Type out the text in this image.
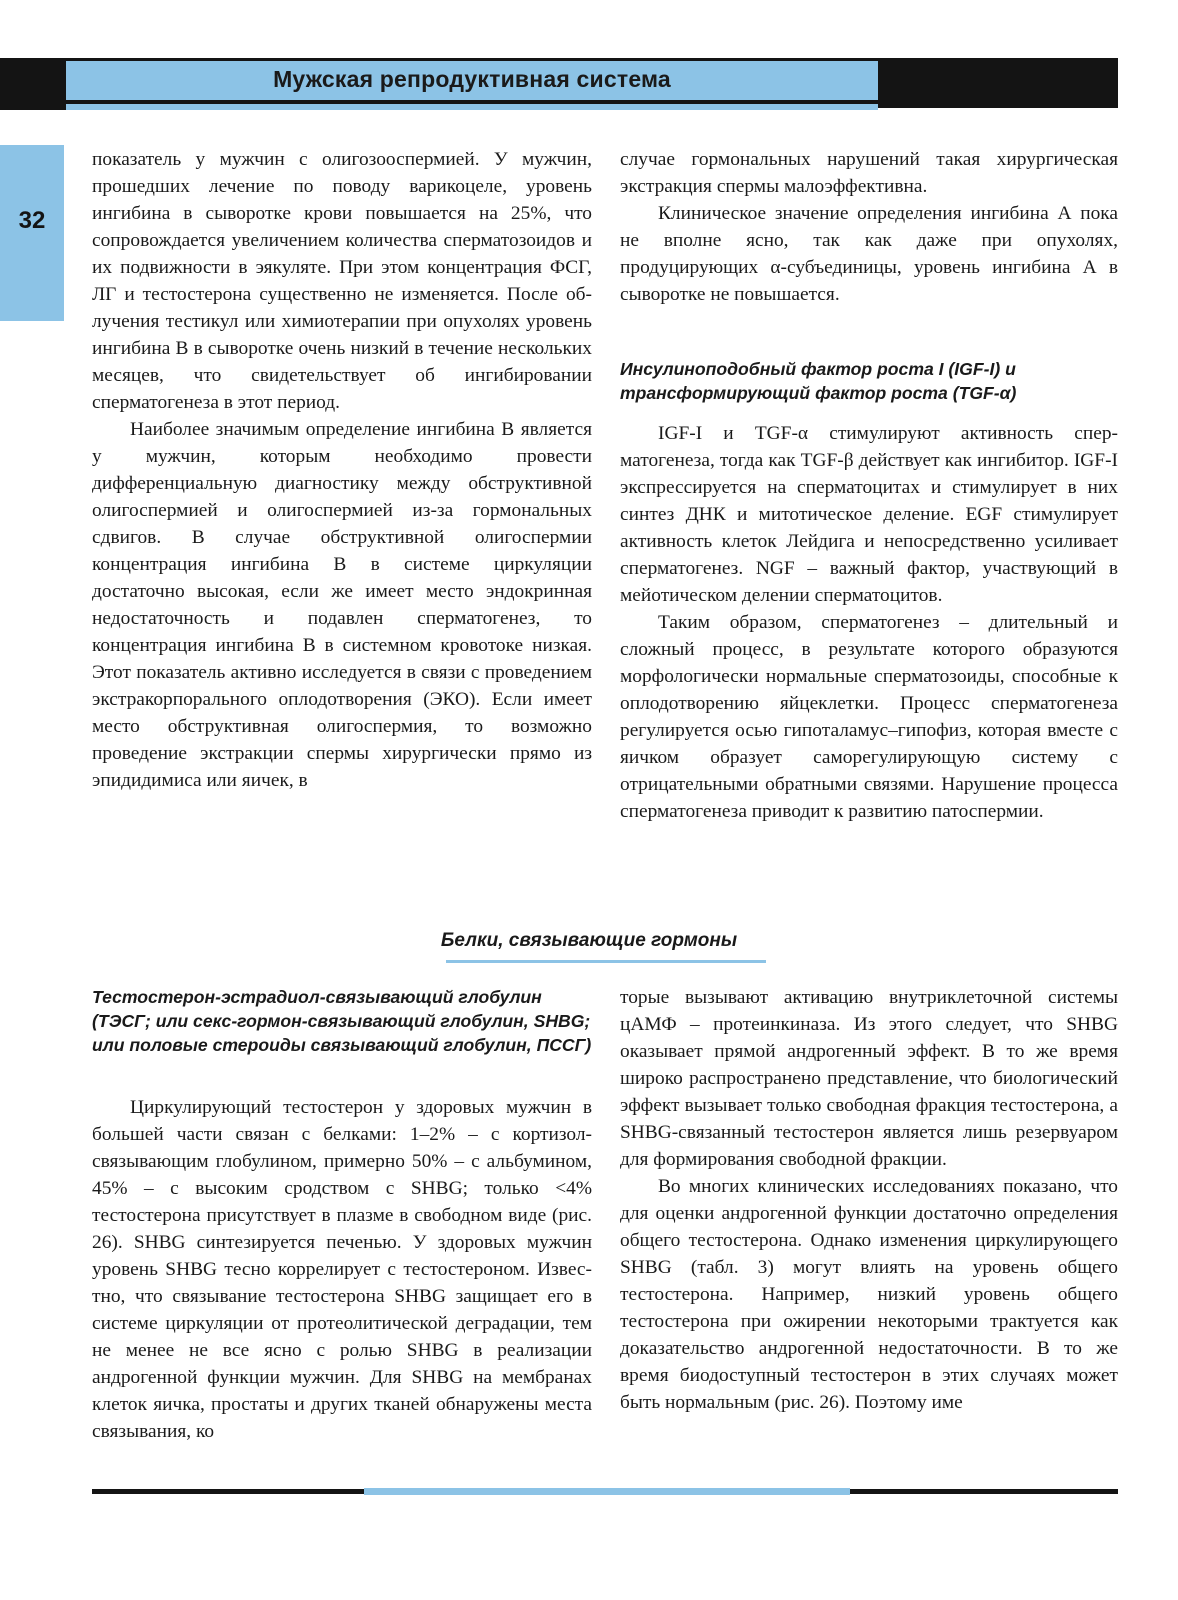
Мужская репродуктивная система
32

показатель у мужчин с олигозооспермией. У мужчин, прошедших лечение по поводу варикоцеле, уровень ингибина в сыворотке крови повышается на 25%, что сопровождается увеличением количества сперматозоидов и их подвижности в эякуляте. При этом концентрация ФСГ, ЛГ и тестостерона существенно не изменяется. После облучения тестикул или химиотерапии при опухолях уровень ингибина В в сыворотке очень низкий в течение нескольких месяцев, что свидетельствует об ингибировании сперматогенеза в этот период.

Наиболее значимым определение ингибина В является у мужчин, которым необходимо провести дифференциальную диагностику между обструктивной олигоспермией и олигоспермией из-за гормональных сдвигов. В случае обструктивной олигоспермии концентрация ингибина В в системе циркуляции достаточно высокая, если же имеет место эндокринная недостаточность и подавлен сперматогенез, то концентрация ингибина В в системном кровотоке низкая. Этот показатель активно исследуется в связи с проведением экстракорпорального оплодотворения (ЭКО). Если имеет место обструктивная олигоспермия, то возможно проведение экстракции спермы хирургически прямо из эпидидимиса или яичек, в

случае гормональных нарушений такая хирургическая экстракция спермы малоэффективна.

Клиническое значение определения ингибина А пока не вполне ясно, так как даже при опухолях, продуцирующих α-субъединицы, уровень ингибина А в сыворотке не повышается.

Инсулиноподобный фактор роста I (IGF-I) и трансформирующий фактор роста (TGF-α)

IGF-I и TGF-α стимулируют активность сперматогенеза, тогда как TGF-β действует как ингибитор. IGF-I экспрессируется на сперматоцитах и стимулирует в них синтез ДНК и митотическое деление. EGF стимулирует активность клеток Лейдига и непосредственно усиливает сперматогенез. NGF – важный фактор, участвующий в мейотическом делении сперматоцитов.

Таким образом, сперматогенез – длительный и сложный процесс, в результате которого образуются морфологически нормальные сперматозоиды, способные к оплодотворению яйцеклетки. Процесс сперматогенеза регулируется осью гипоталамус–гипофиз, которая вместе с яичком образует саморегулирующую систему с отрицательными обратными связями. Нарушение процесса сперматогенеза приводит к развитию патоспермии.

Белки, связывающие гормоны
Тестостерон-эстрадиол-связывающий глобулин (ТЭСГ; или секс-гормон-связывающий глобулин, SHBG; или половые стероиды связывающий глобулин, ПССГ)

Циркулирующий тестостерон у здоровых мужчин в большей части связан с белками: 1–2% – с кортизол-связывающим глобулином, примерно 50% – с альбумином, 45% – с высоким сродством с SHBG; только <4% тестостерона присутствует в плазме в свободном виде (рис. 26). SHBG синтезируется печенью. У здоровых мужчин уровень SHBG тесно коррелирует с тестостероном. Известно, что связывание тестостерона SHBG защищает его в системе циркуляции от протеолитической деградации, тем не менее не все ясно с ролью SHBG в реализации андрогенной функции мужчин. Для SHBG на мембранах клеток яичка, простаты и других тканей обнаружены места связывания, ко

торые вызывают активацию внутриклеточной системы цАМФ – протеинкиназа. Из этого следует, что SHBG оказывает прямой андрогенный эффект. В то же время широко распространено представление, что биологический эффект вызывает только свободная фракция тестостерона, а SHBG-связанный тестостерон является лишь резервуаром для формирования свободной фракции.

Во многих клинических исследованиях показано, что для оценки андрогенной функции достаточно определения общего тестостерона. Однако изменения циркулирующего SHBG (табл. 3) могут влиять на уровень общего тестостерона. Например, низкий уровень общего тестостерона при ожирении некоторыми трактуется как доказательство андрогенной недостаточности. В то же время биодоступный тестостерон в этих случаях может быть нормальным (рис. 26). Поэтому име
